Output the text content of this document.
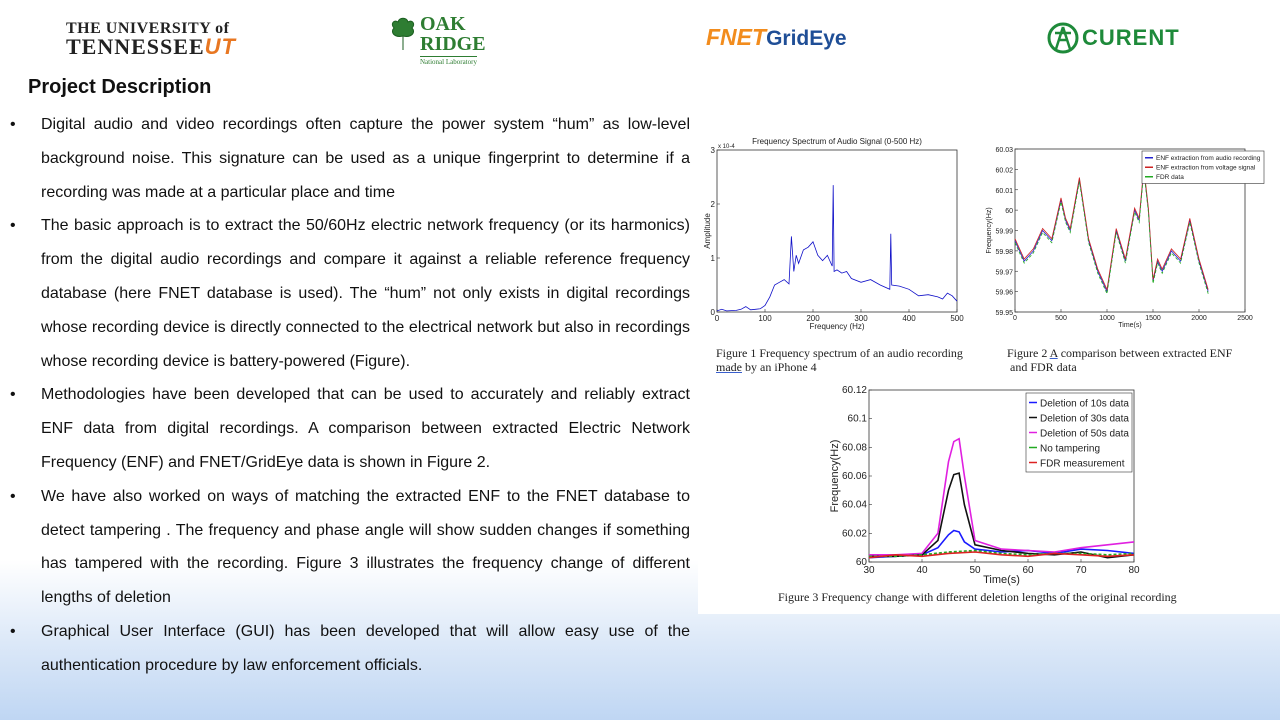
THE UNIVERSITY of
TENNESSEEUT
OAK
RIDGE
National Laboratory
FNETGridEye	CURENT
Project Description
• Digital audio and video recordings often capture the power system “hum” as low-level background noise. This signature can be used as a unique fingerprint to determine if a recording was made at a particular place and time
• The basic approach is to extract the 50/60Hz electric network frequency (or its harmonics) from the digital audio recordings and compare it against a reliable reference frequency database (here FNET database is used). The “hum” not only exists in digital recordings whose recording device is directly connected to the electrical network but also in recordings whose recording device is battery-powered (Figure).
• Methodologies have been developed that can be used to accurately and reliably extract ENF data from digital recordings. A comparison between extracted Electric Network Frequency (ENF) and FNET/GridEye data is shown in Figure 2.
• We have also worked on ways of matching the extracted ENF to the FNET database to detect tampering . The frequency and phase angle will show sudden changes if something has tampered with the recording. Figure 3 illustrates the frequency change of different lengths of deletion
• Graphical User Interface (GUI) has been developed that will allow easy use of the authentication procedure by law enforcement officials.
0	100	200	300	400	500
0
1
2
3
Frequency Spectrum of Audio Signal (0-500 Hz)
x 10-4
Frequency (Hz)
Amplitude
0	500	1000	1500	2000	2500
59.95
59.96
59.97
59.98
59.99
60
60.01
60.02
60.03
Time(s)
Frequency(Hz)
ENF extraction from audio recording
ENF extraction from voltage signal
FDR data
30	40	50	60	70	80
60
60.02
60.04
60.06
60.08
60.1
60.12
Time(s)
Frequency(Hz)
Deletion of 10s data
Deletion of 30s data
Deletion of 50s data
No tampering
FDR measurement
Figure 1 Frequency spectrum of an audio recording
made by an iPhone 4
Figure 2 A comparison between extracted ENF
and FDR data
Figure 3 Frequency change with different deletion lengths of the original recording
